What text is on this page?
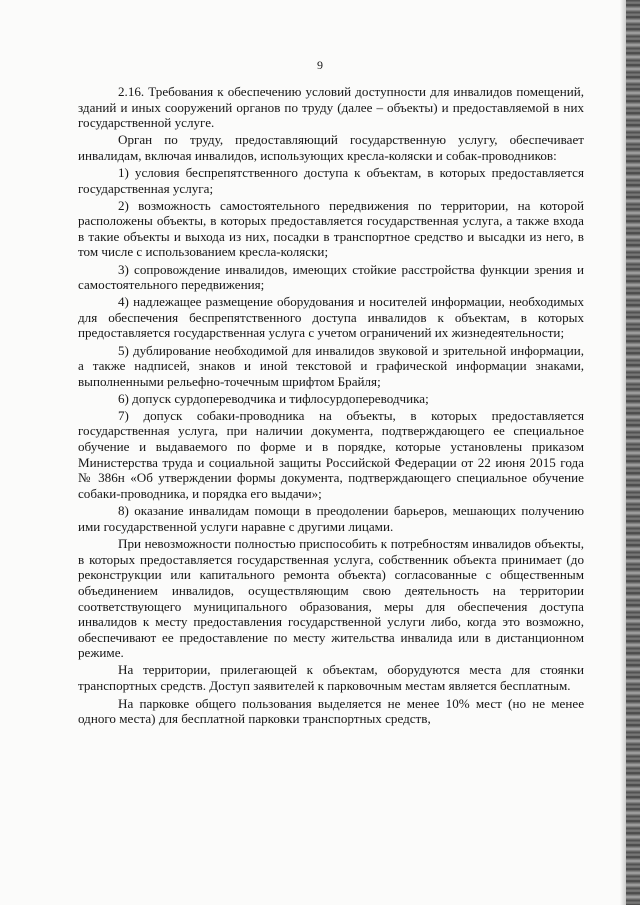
9

2.16. Требования к обеспечению условий доступности для инвалидов помещений, зданий и иных сооружений органов по труду (далее – объекты) и предоставляемой в них государственной услуге.

Орган по труду, предоставляющий государственную услугу, обеспечивает инвалидам, включая инвалидов, использующих кресла-коляски и собак-проводников:

1) условия беспрепятственного доступа к объектам, в которых предоставляется государственная услуга;

2) возможность самостоятельного передвижения по территории, на которой расположены объекты, в которых предоставляется государственная услуга, а также входа в такие объекты и выхода из них, посадки в транспортное средство и высадки из него, в том числе с использованием кресла-коляски;

3) сопровождение инвалидов, имеющих стойкие расстройства функции зрения и самостоятельного передвижения;

4) надлежащее размещение оборудования и носителей информации, необходимых для обеспечения беспрепятственного доступа инвалидов к объектам, в которых предоставляется государственная услуга с учетом ограничений их жизнедеятельности;

5) дублирование необходимой для инвалидов звуковой и зрительной информации, а также надписей, знаков и иной текстовой и графической информации знаками, выполненными рельефно-точечным шрифтом Брайля;

6) допуск сурдопереводчика и тифлосурдопереводчика;

7) допуск собаки-проводника на объекты, в которых предоставляется государственная услуга, при наличии документа, подтверждающего ее специальное обучение и выдаваемого по форме и в порядке, которые установлены приказом Министерства труда и социальной защиты Российской Федерации от 22 июня 2015 года № 386н «Об утверждении формы документа, подтверждающего специальное обучение собаки-проводника, и порядка его выдачи»;

8) оказание инвалидам помощи в преодолении барьеров, мешающих получению ими государственной услуги наравне с другими лицами.

При невозможности полностью приспособить к потребностям инвалидов объекты, в которых предоставляется государственная услуга, собственник объекта принимает (до реконструкции или капитального ремонта объекта) согласованные с общественным объединением инвалидов, осуществляющим свою деятельность на территории соответствующего муниципального образования, меры для обеспечения доступа инвалидов к месту предоставления государственной услуги либо, когда это возможно, обеспечивают ее предоставление по месту жительства инвалида или в дистанционном режиме.

На территории, прилегающей к объектам, оборудуются места для стоянки транспортных средств. Доступ заявителей к парковочным местам является бесплатным.

На парковке общего пользования выделяется не менее 10% мест (но не менее одного места) для бесплатной парковки транспортных средств,
